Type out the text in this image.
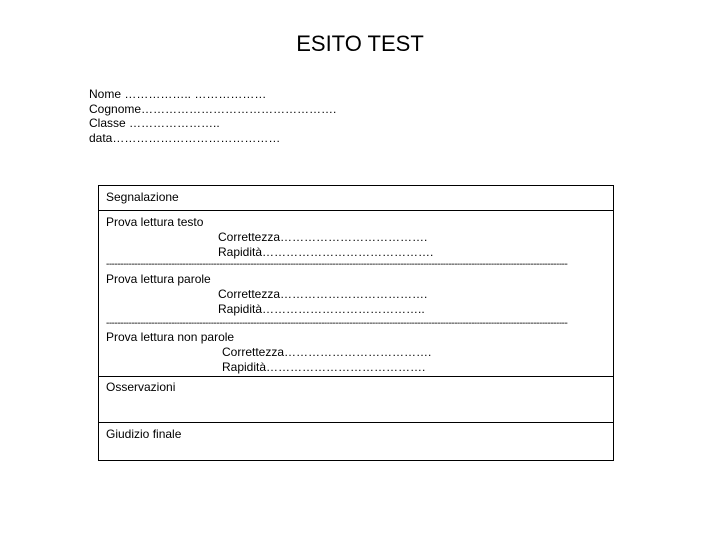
ESITO TEST
Nome …………….. ………………
Cognome………………………………………….
Classe …………………..
data……………………………………
Segnalazione
Prova lettura testo
Correttezza……………………………….
Rapidità…………………………………….
-------------------------------------------------------------------------------------------------------------------------------------------------------------------
Prova lettura parole
Correttezza……………………………….
Rapidità…………………………………..
-------------------------------------------------------------------------------------------------------------------------------------------------------------------
Prova lettura non parole
Correttezza……………………………….
Rapidità………………………………….
Osservazioni
Giudizio finale
